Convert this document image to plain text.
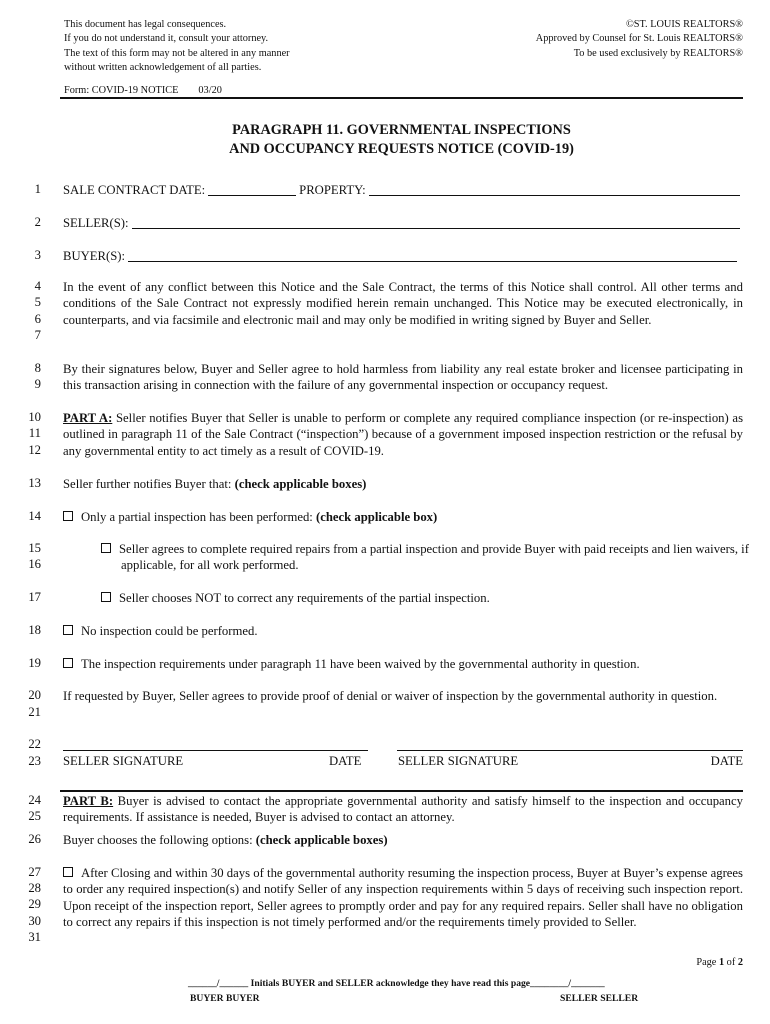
This document has legal consequences.
If you do not understand it, consult your attorney.
The text of this form may not be altered in any manner
without written acknowledgement of all parties.
©ST. LOUIS REALTORS®
Approved by Counsel for St. Louis REALTORS®
To be used exclusively by REALTORS®
Form: COVID-19 NOTICE 03/20
PARAGRAPH 11. GOVERNMENTAL INSPECTIONS
AND OCCUPANCY REQUESTS NOTICE (COVID-19)
1
2
3
4
5
6
7
8
9
10
11
12
13
14
15
16
17
18
19
20
21
22
23
24
25
26
27
28
29
30
31
SALE CONTRACT DATE:	PROPERTY:
SELLER(S):
BUYER(S):
In the event of any conflict between this Notice and the Sale Contract, the terms of this Notice shall control. All other terms and conditions of the Sale Contract not expressly modified herein remain unchanged. This Notice may be executed electronically, in counterparts, and via facsimile and electronic mail and may only be modified in writing signed by Buyer and Seller.
By their signatures below, Buyer and Seller agree to hold harmless from liability any real estate broker and licensee participating in this transaction arising in connection with the failure of any governmental inspection or occupancy request.
PART A: Seller notifies Buyer that Seller is unable to perform or complete any required compliance inspection (or re-inspection) as outlined in paragraph 11 of the Sale Contract (“inspection”) because of a government imposed inspection restriction or the refusal by any governmental entity to act timely as a result of COVID-19.
Seller further notifies Buyer that: (check applicable boxes)
Only a partial inspection has been performed: (check applicable box)
Seller agrees to complete required repairs from a partial inspection and provide Buyer with paid receipts and lien waivers, if applicable, for all work performed.
Seller chooses NOT to correct any requirements of the partial inspection.
No inspection could be performed.
The inspection requirements under paragraph 11 have been waived by the governmental authority in question.
If requested by Buyer, Seller agrees to provide proof of denial or waiver of inspection by the governmental authority in question.
SELLER SIGNATURE	DATE	SELLER SIGNATURE	DATE
PART B: Buyer is advised to contact the appropriate governmental authority and satisfy himself to the inspection and occupancy requirements. If assistance is needed, Buyer is advised to contact an attorney.
Buyer chooses the following options: (check applicable boxes)
After Closing and within 30 days of the governmental authority resuming the inspection process, Buyer at Buyer’s expense agrees to order any required inspection(s) and notify Seller of any inspection requirements within 5 days of receiving such inspection report. Upon receipt of the inspection report, Seller agrees to promptly order and pay for any required repairs. Seller shall have no obligation to correct any repairs if this inspection is not timely performed and/or the requirements timely provided to Seller.
Page 1 of 2
______/______ Initials BUYER and SELLER acknowledge they have read this page________/_______
BUYER BUYER	SELLER SELLER
